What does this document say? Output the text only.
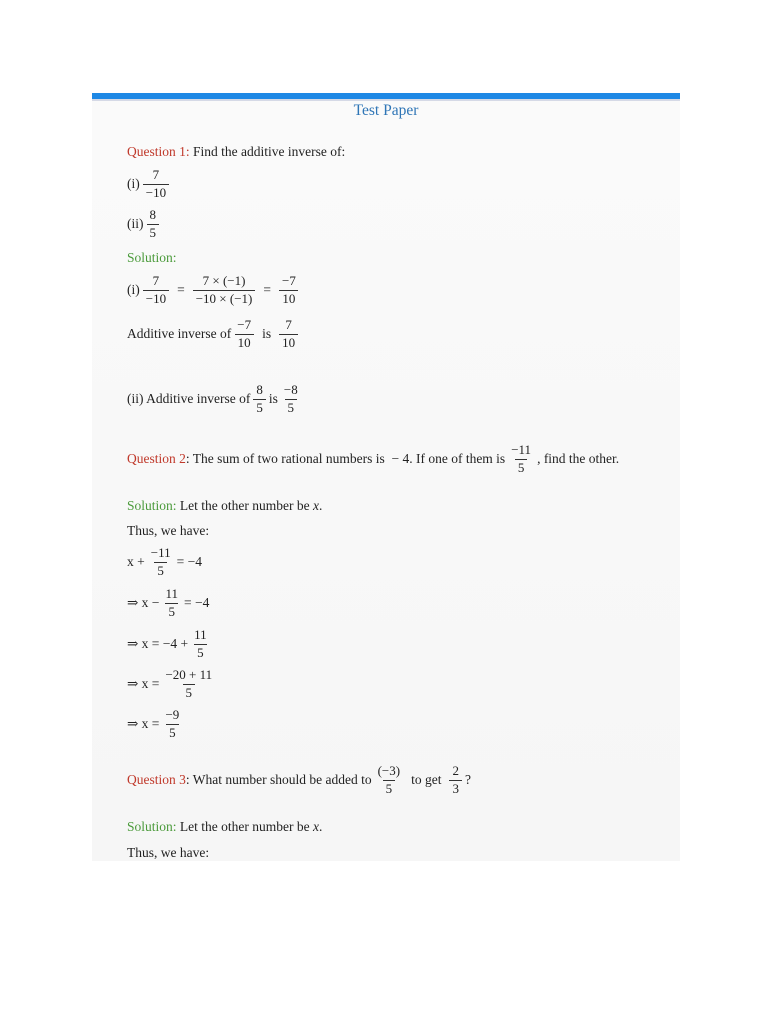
Test Paper
Question 1: Find the additive inverse of:
$(i) \frac{7}{-10}$
$(ii) \frac{8}{5}$
Solution:
$(i) \frac{7}{-10} = \frac{7 \times (-1)}{-10 \times (-1)} = \frac{-7}{10}$
Additive inverse of $\frac{-7}{10}$ is $\frac{7}{10}$
(ii) Additive inverse of $\frac{8}{5}$ is $\frac{-8}{5}$
Question 2 : The sum of two rational numbers is  − 4. If one of them is $\frac{-11}{5}$ , find the other.
Solution: Let the other number be x .
Thus, we have:
$x + \frac{-11}{5} = -4$
⇒ $x - \frac{11}{5} = -4$
⇒ $x = -4 + \frac{11}{5}$
⇒ $x = \frac{-20 + 11}{5}$
⇒ $x = \frac{-9}{5}$
Question 3 : What number should be added to $\frac{(-3)}{5}$ to get $\frac{2}{3}$ ?
Solution: Let the other number be x .
Thus, we have:
